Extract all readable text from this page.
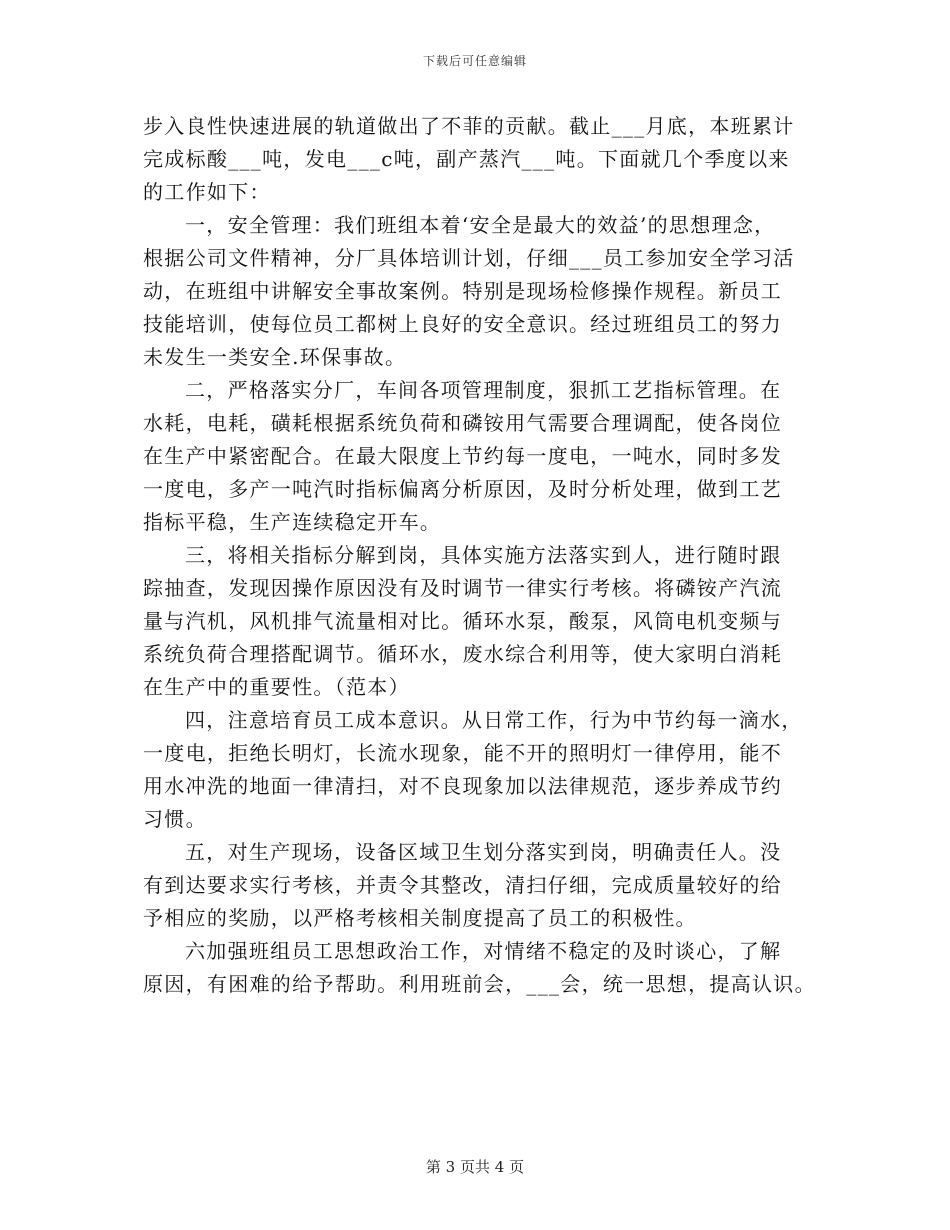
下载后可任意编辑
步入良性快速进展的轨道做出了不菲的贡献。截止___月底，本班累计
完成标酸___吨，发电___c吨，副产蒸汽___吨。下面就几个季度以来
的工作如下：
一，安全管理：我们班组本着‘安全是最大的效益’的思想理念，
根据公司文件精神，分厂具体培训计划，仔细___员工参加安全学习活
动，在班组中讲解安全事故案例。特别是现场检修操作规程。新员工
技能培训，使每位员工都树上良好的安全意识。经过班组员工的努力
未发生一类安全.环保事故。
二，严格落实分厂，车间各项管理制度，狠抓工艺指标管理。在
水耗，电耗，磺耗根据系统负荷和磷铵用气需要合理调配，使各岗位
在生产中紧密配合。在最大限度上节约每一度电，一吨水，同时多发
一度电，多产一吨汽时指标偏离分析原因，及时分析处理，做到工艺
指标平稳，生产连续稳定开车。
三，将相关指标分解到岗，具体实施方法落实到人，进行随时跟
踪抽查，发现因操作原因没有及时调节一律实行考核。将磷铵产汽流
量与汽机，风机排气流量相对比。循环水泵，酸泵，风筒电机变频与
系统负荷合理搭配调节。循环水，废水综合利用等，使大家明白消耗
在生产中的重要性。（范本）
四，注意培育员工成本意识。从日常工作，行为中节约每一滴水，
一度电，拒绝长明灯，长流水现象，能不开的照明灯一律停用，能不
用水冲洗的地面一律清扫，对不良现象加以法律规范，逐步养成节约
习惯。
五，对生产现场，设备区域卫生划分落实到岗，明确责任人。没
有到达要求实行考核，并责令其整改，清扫仔细，完成质量较好的给
予相应的奖励，以严格考核相关制度提高了员工的积极性。
六加强班组员工思想政治工作，对情绪不稳定的及时谈心，了解
原因，有困难的给予帮助。利用班前会，___会，统一思想，提高认识。
第 3 页共 4 页
